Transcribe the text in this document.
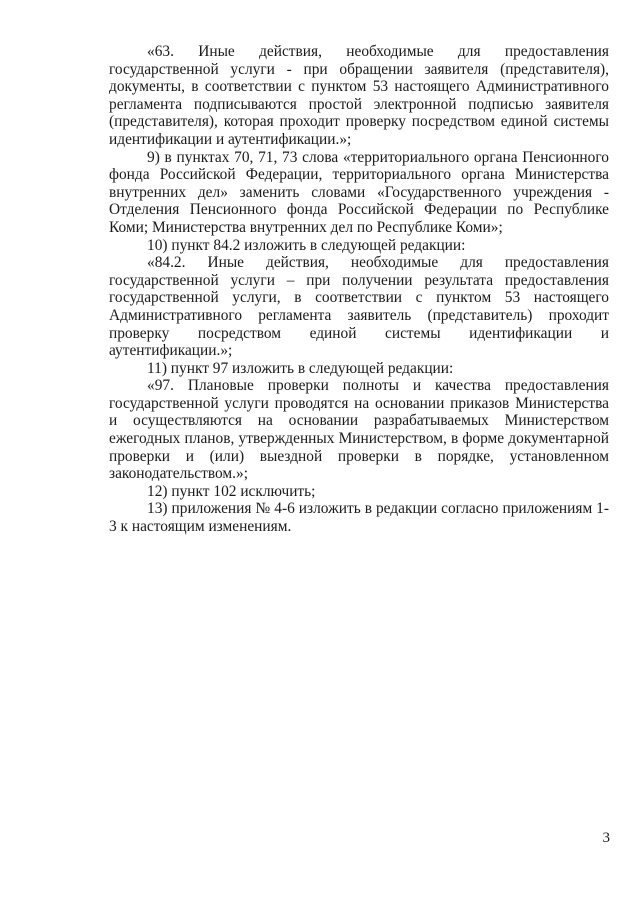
«63. Иные действия, необходимые для предоставления государственной услуги - при обращении заявителя (представителя), документы, в соответствии с пунктом 53 настоящего Административного регламента подписываются простой электронной подписью заявителя (представителя), которая проходит проверку посредством единой системы идентификации и аутентификации.»;

9) в пунктах 70, 71, 73 слова «территориального органа Пенсионного фонда Российской Федерации, территориального органа Министерства внутренних дел» заменить словами «Государственного учреждения - Отделения Пенсионного фонда Российской Федерации по Республике Коми; Министерства внутренних дел по Республике Коми»;

10) пункт 84.2 изложить в следующей редакции:

«84.2. Иные действия, необходимые для предоставления государственной услуги – при получении результата предоставления государственной услуги, в соответствии с пунктом 53 настоящего Административного регламента заявитель (представитель) проходит проверку посредством единой системы идентификации и аутентификации.»;

11) пункт 97 изложить в следующей редакции:

«97. Плановые проверки полноты и качества предоставления государственной услуги проводятся на основании приказов Министерства и осуществляются на основании разрабатываемых Министерством ежегодных планов, утвержденных Министерством, в форме документарной проверки и (или) выездной проверки в порядке, установленном законодательством.»;

12) пункт 102 исключить;

13) приложения № 4-6 изложить в редакции согласно приложениям 1-3 к настоящим изменениям.

3
